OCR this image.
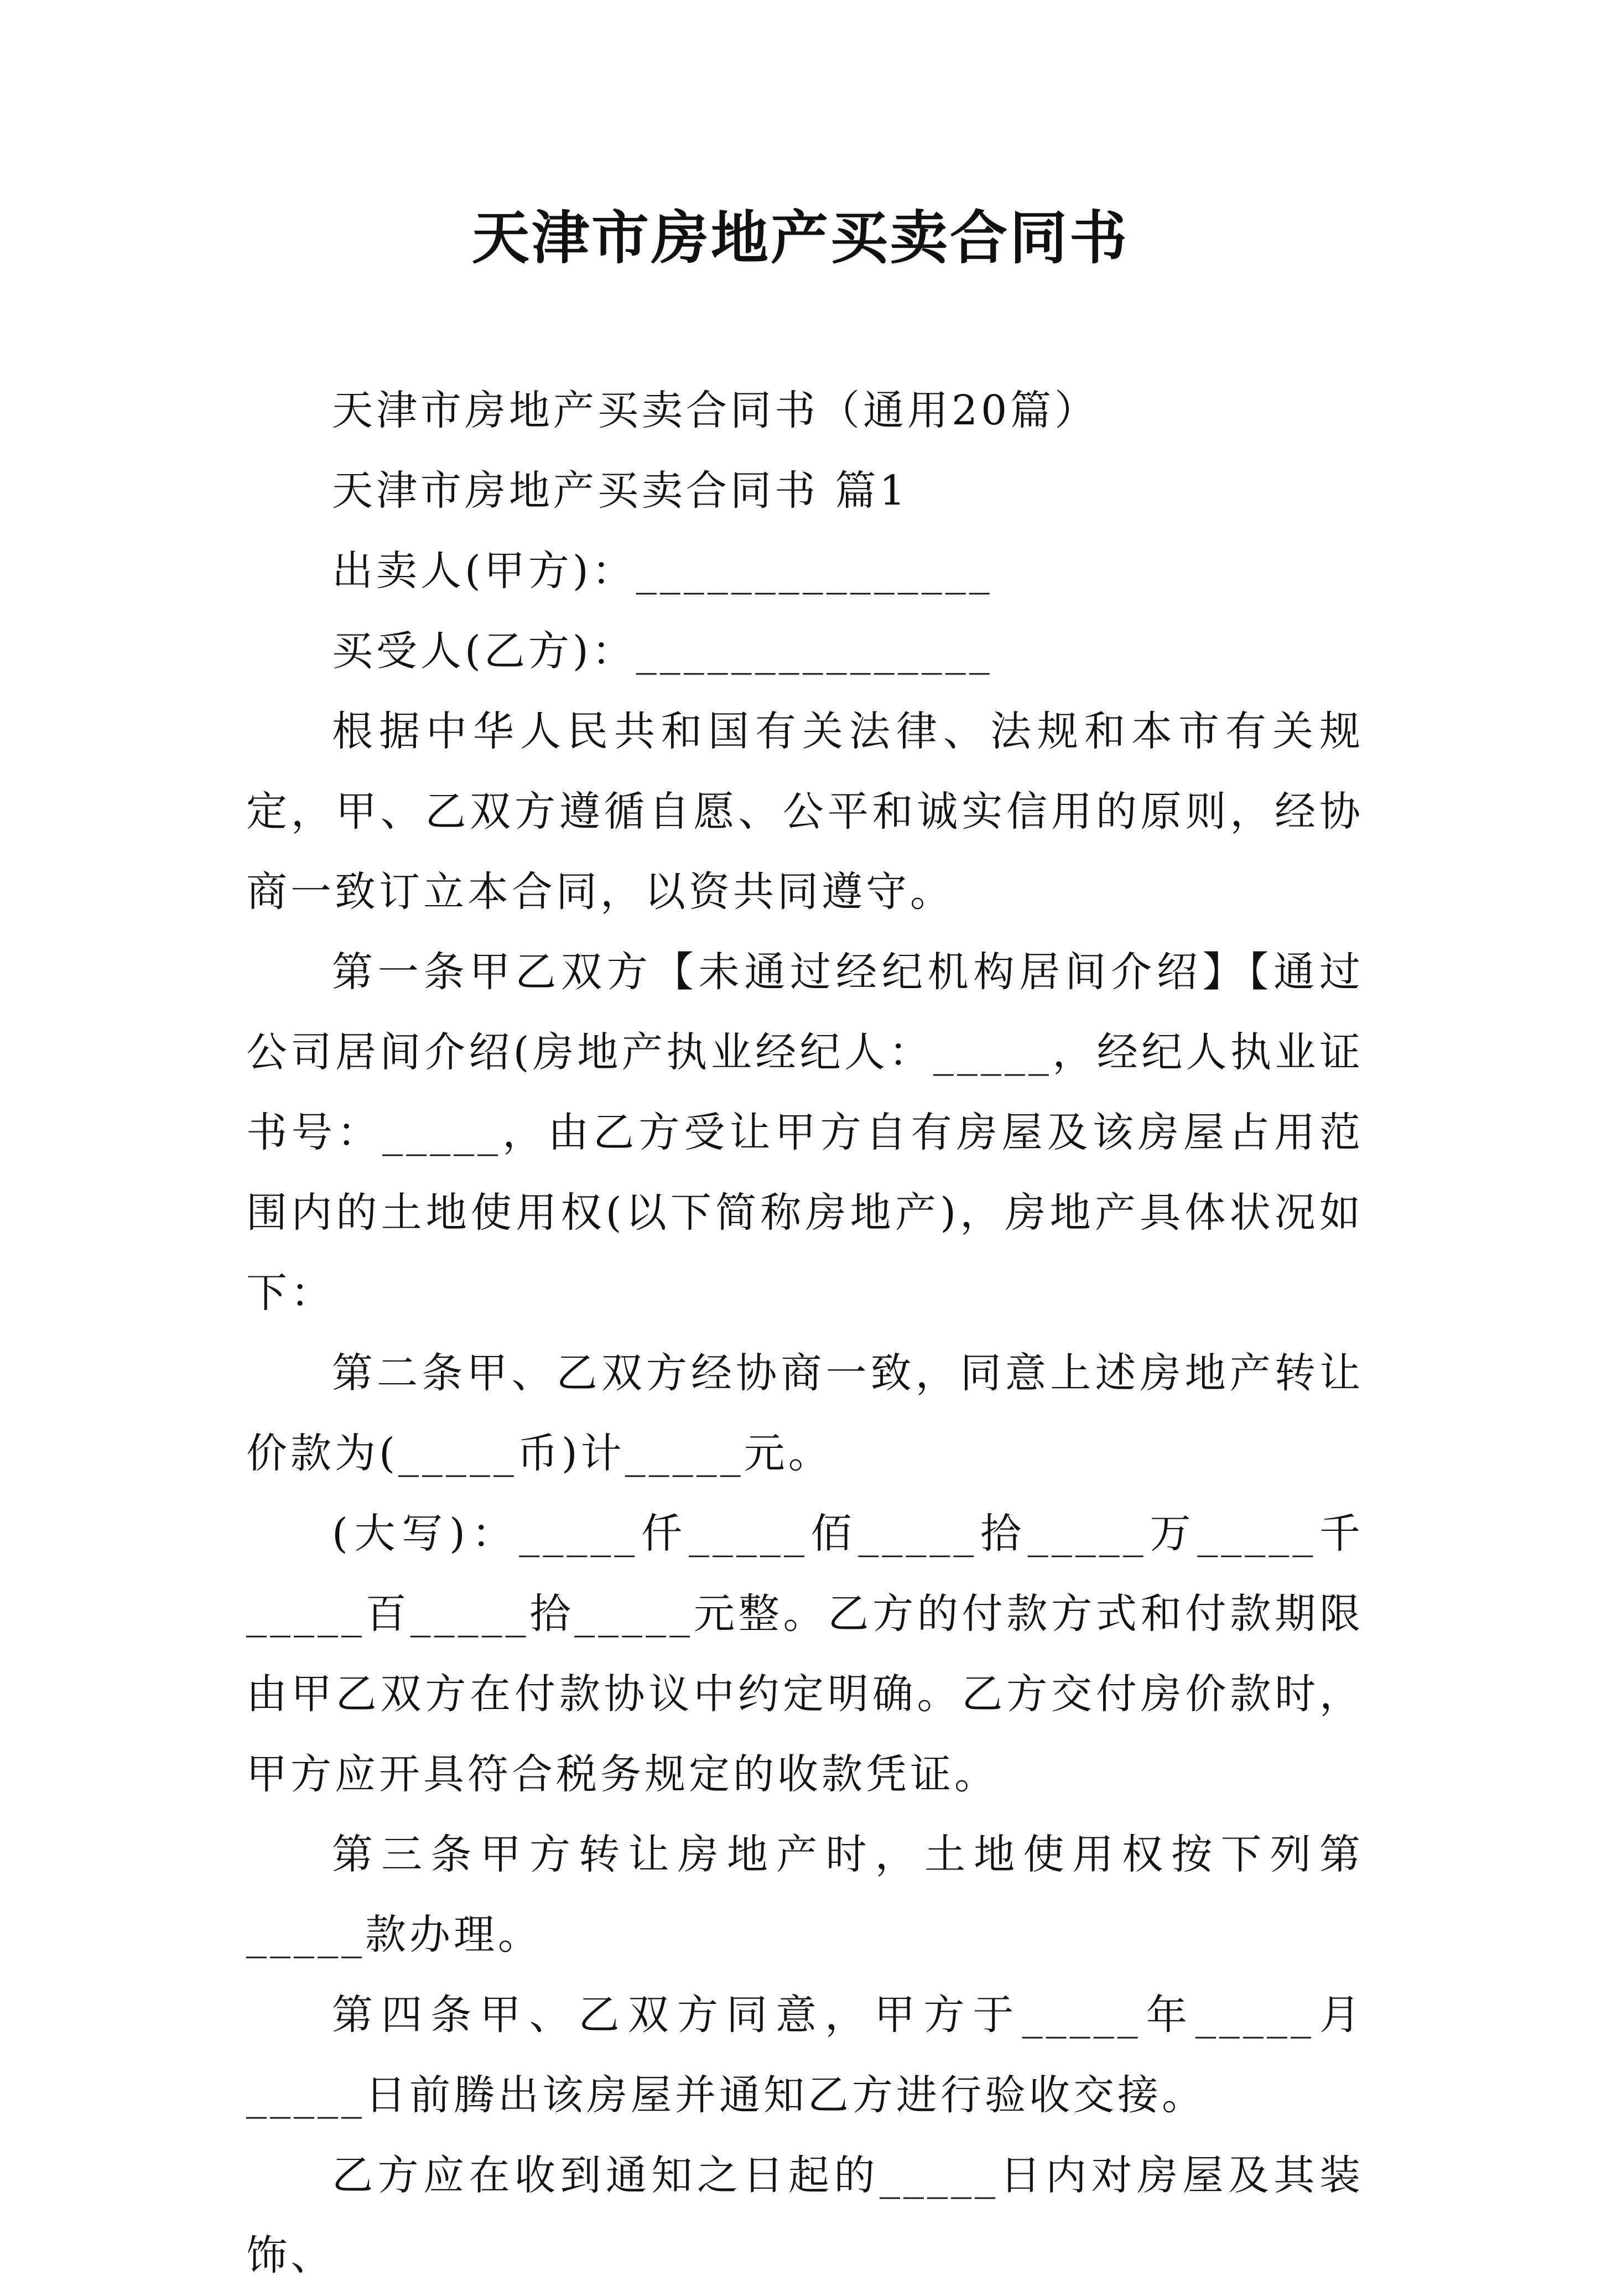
天津市房地产买卖合同书

天津市房地产买卖合同书（通用20篇）

天津市房地产买卖合同书 篇1

出卖人(甲方)：_______________

买受人(乙方)：_______________

根据中华人民共和国有关法律、法规和本市有关规定，甲、乙双方遵循自愿、公平和诚实信用的原则，经协商一致订立本合同，以资共同遵守。

第一条甲乙双方【未通过经纪机构居间介绍】【通过公司居间介绍(房地产执业经纪人：_____，经纪人执业证书号：_____，由乙方受让甲方自有房屋及该房屋占用范围内的土地使用权(以下简称房地产)，房地产具体状况如下：

第二条甲、乙双方经协商一致，同意上述房地产转让价款为(_____币)计_____元。

(大写)：_____仟_____佰_____拾_____万_____千_____百_____拾_____元整。乙方的付款方式和付款期限由甲乙双方在付款协议中约定明确。乙方交付房价款时，甲方应开具符合税务规定的收款凭证。

第三条甲方转让房地产时，土地使用权按下列第_____款办理。

第四条甲、乙双方同意，甲方于_____年_____月_____日前腾出该房屋并通知乙方进行验收交接。

乙方应在收到通知之日起的_____日内对房屋及其装饰、
